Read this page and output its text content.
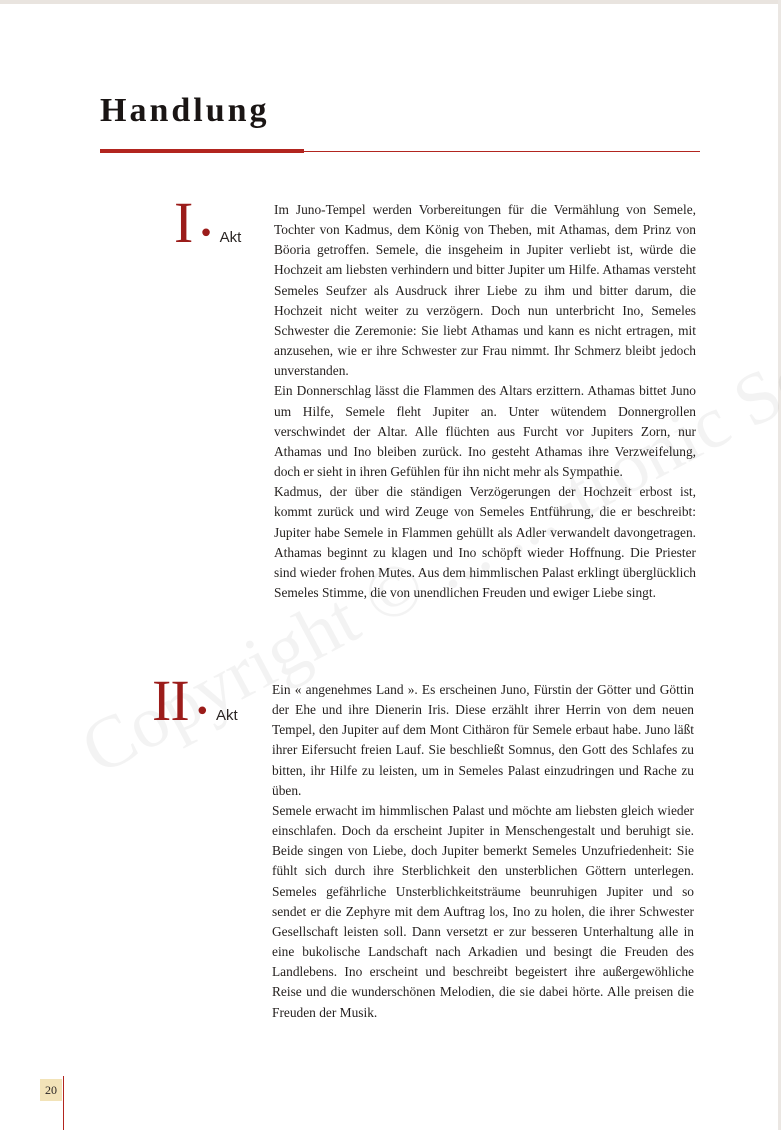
Handlung
I • Akt

Im Juno-Tempel werden Vorbereitungen für die Vermählung von Semele, Tochter von Kadmus, dem König von Theben, mit Athamas, dem Prinz von Böoria getroffen. Semele, die insgeheim in Jupiter verliebt ist, würde die Hochzeit am liebsten verhindern und bitter Jupiter um Hilfe. Athamas versteht Semeles Seufzer als Ausdruck ihrer Liebe zu ihm und bitter darum, die Hochzeit nicht weiter zu verzögern. Doch nun unterbricht Ino, Semeles Schwester die Zeremonie: Sie liebt Athamas und kann es nicht ertragen, mit anzusehen, wie er ihre Schwester zur Frau nimmt. Ihr Schmerz bleibt jedoch unverstanden.

Ein Donnerschlag lässt die Flammen des Altars erzittern. Athamas bittet Juno um Hilfe, Semele fleht Jupiter an. Unter wütendem Donnergrollen verschwindet der Altar. Alle flüchten aus Furcht vor Jupiters Zorn, nur Athamas und Ino bleiben zurück. Ino gesteht Athamas ihre Verzweifelung, doch er sieht in ihren Gefühlen für ihn nicht mehr als Sympathie.

Kadmus, der über die ständigen Verzögerungen der Hochzeit erbost ist, kommt zurück und wird Zeuge von Semeles Entführung, die er beschreibt: Jupiter habe Semele in Flammen gehüllt als Adler verwandelt davongetragen. Athamas beginnt zu klagen und Ino schöpft wieder Hoffnung. Die Priester sind wieder frohen Mutes. Aus dem himmlischen Palast erklingt überglücklich Semeles Stimme, die von unendlichen Freuden und ewiger Liebe singt.

II • Akt

Ein « angenehmes Land ». Es erscheinen Juno, Fürstin der Götter und Göttin der Ehe und ihre Dienerin Iris. Diese erzählt ihrer Herrin von dem neuen Tempel, den Jupiter auf dem Mont Cithäron für Semele erbaut habe. Juno läßt ihrer Eifersucht freien Lauf. Sie beschließt Somnus, den Gott des Schlafes zu bitten, ihr Hilfe zu leisten, um in Semeles Palast einzudringen und Rache zu üben.

Semele erwacht im himmlischen Palast und möchte am liebsten gleich wieder einschlafen. Doch da erscheint Jupiter in Menschengestalt und beruhigt sie. Beide singen von Liebe, doch Jupiter bemerkt Semeles Unzufriedenheit: Sie fühlt sich durch ihre Sterblichkeit den unsterblichen Göttern unterlegen. Semeles gefährliche Unsterblichkeitsträume beunruhigen Jupiter und so sendet er die Zephyre mit dem Auftrag los, Ino zu holen, die ihrer Schwester Gesellschaft leisten soll. Dann versetzt er zur besseren Unterhaltung alle in eine bukolische Landschaft nach Arkadien und besingt die Freuden des Landlebens. Ino erscheint und beschreibt begeistert ihre außergewöhliche Reise und die wunderschönen Melodien, die sie dabei hörte. Alle preisen die Freuden der Musik.

20
